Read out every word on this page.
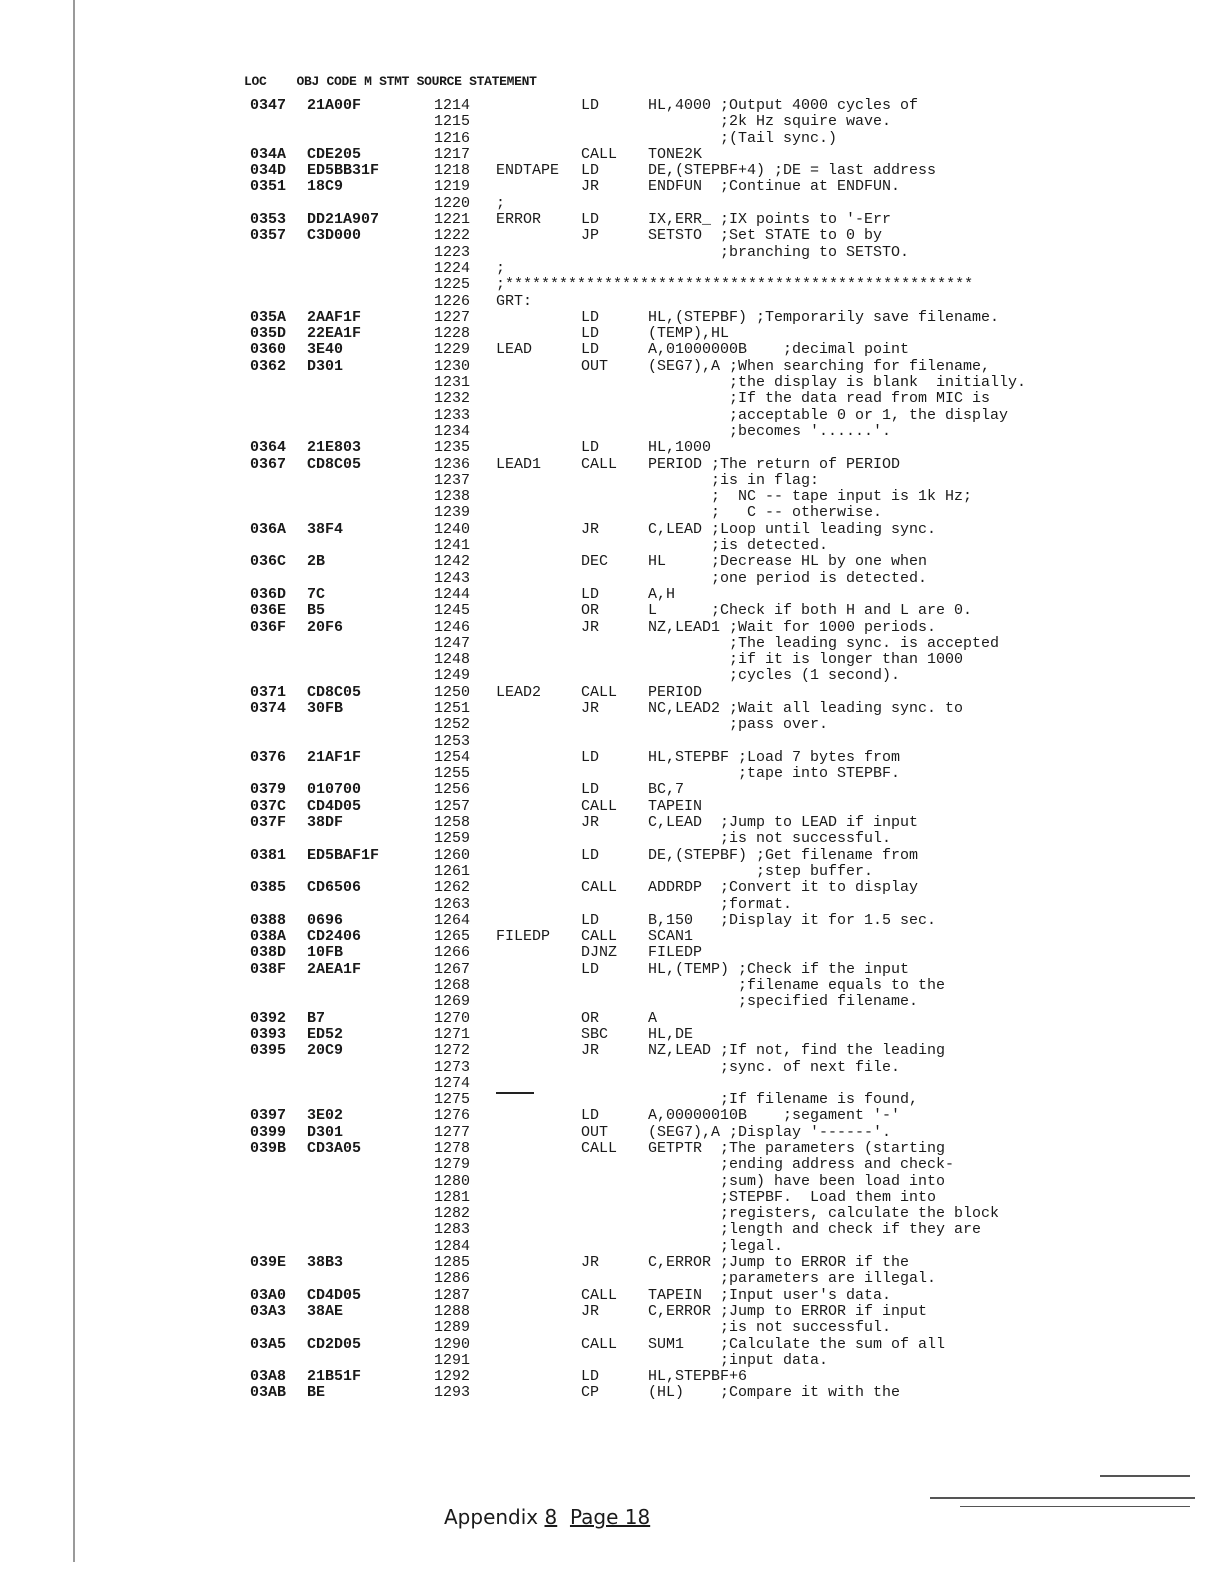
LOC OBJ CODE M STMT SOURCE STATEMENT
0347 21A00F	1214	LD	HL,4000 ;Output 4000 cycles of
1215	;2k Hz squire wave.
1216	;(Tail sync.)
034A CDE205	1217	CALL TONE2K
034D ED5BB31F	1218 ENDTAPE LD	DE,(STEPBF+4) ;DE = last address
0351 18C9	1219	JR	ENDFUN  ;Continue at ENDFUN.
1220 ;
0353 DD21A907	1221 ERROR	LD	IX,ERR_ ;IX points to '-Err
0357 C3D000	1222	JP	SETSTO  ;Set STATE to 0 by
1223	;branching to SETSTO.
1224 ;
1225 ;****************************************************
1226 GRT:
035A 2AAF1F	1227	LD	HL,(STEPBF) ;Temporarily save filename.
035D 22EA1F	1228	LD	(TEMP),HL
0360 3E40	1229 LEAD	LD	A,01000000B    ;decimal point
0362 D301	1230	OUT	(SEG7),A ;When searching for filename,
1231	;the display is blank  initially.
1232	;If the data read from MIC is
1233	;acceptable 0 or 1, the display
1234	;becomes '......'.
0364 21E803	1235	LD	HL,1000
0367 CD8C05	1236 LEAD1	CALL PERIOD ;The return of PERIOD
1237	;is in flag:
1238	;  NC -- tape input is 1k Hz;
1239	;   C -- otherwise.
036A 38F4	1240	JR	C,LEAD ;Loop until leading sync.
1241	;is detected.
036C 2B	1242	DEC	HL     ;Decrease HL by one when
1243	;one period is detected.
036D 7C	1244	LD	A,H
036E B5	1245	OR	L      ;Check if both H and L are 0.
036F 20F6	1246	JR	NZ,LEAD1 ;Wait for 1000 periods.
1247	;The leading sync. is accepted
1248	;if it is longer than 1000
1249	;cycles (1 second).
0371 CD8C05	1250 LEAD2	CALL PERIOD
0374 30FB	1251	JR	NC,LEAD2 ;Wait all leading sync. to
1252	;pass over.
1253
0376 21AF1F	1254	LD	HL,STEPBF ;Load 7 bytes from
1255	;tape into STEPBF.
0379 010700	1256	LD	BC,7
037C CD4D05	1257	CALL TAPEIN
037F 38DF	1258	JR	C,LEAD  ;Jump to LEAD if input
1259	;is not successful.
0381 ED5BAF1F	1260	LD	DE,(STEPBF) ;Get filename from
1261	;step buffer.
0385 CD6506	1262	CALL ADDRDP  ;Convert it to display
1263	;format.
0388 0696	1264	LD	B,150   ;Display it for 1.5 sec.
038A CD2406	1265 FILEDP CALL SCAN1
038D 10FB	1266	DJNZ FILEDP
038F 2AEA1F	1267	LD	HL,(TEMP) ;Check if the input
1268	;filename equals to the
1269	;specified filename.
0392 B7	1270	OR	A
0393 ED52	1271	SBC	HL,DE
0395 20C9	1272	JR	NZ,LEAD ;If not, find the leading
1273	;sync. of next file.
1274
1275	;If filename is found,
0397 3E02	1276	LD	A,00000010B    ;segament '-'
0399 D301	1277	OUT	(SEG7),A ;Display '------'.
039B CD3A05	1278	CALL GETPTR  ;The parameters (starting
1279	;ending address and check-
1280	;sum) have been load into
1281	;STEPBF.  Load them into
1282	;registers, calculate the block
1283	;length and check if they are
1284	;legal.
039E 38B3	1285	JR	C,ERROR ;Jump to ERROR if the
1286	;parameters are illegal.
03A0 CD4D05	1287	CALL TAPEIN  ;Input user's data.
03A3 38AE	1288	JR	C,ERROR ;Jump to ERROR if input
1289	;is not successful.
03A5 CD2D05	1290	CALL SUM1    ;Calculate the sum of all
1291	;input data.
03A8 21B51F	1292	LD	HL,STEPBF+6
03AB BE	1293	CP	(HL)    ;Compare it with the
Appendix 8 Page 18
